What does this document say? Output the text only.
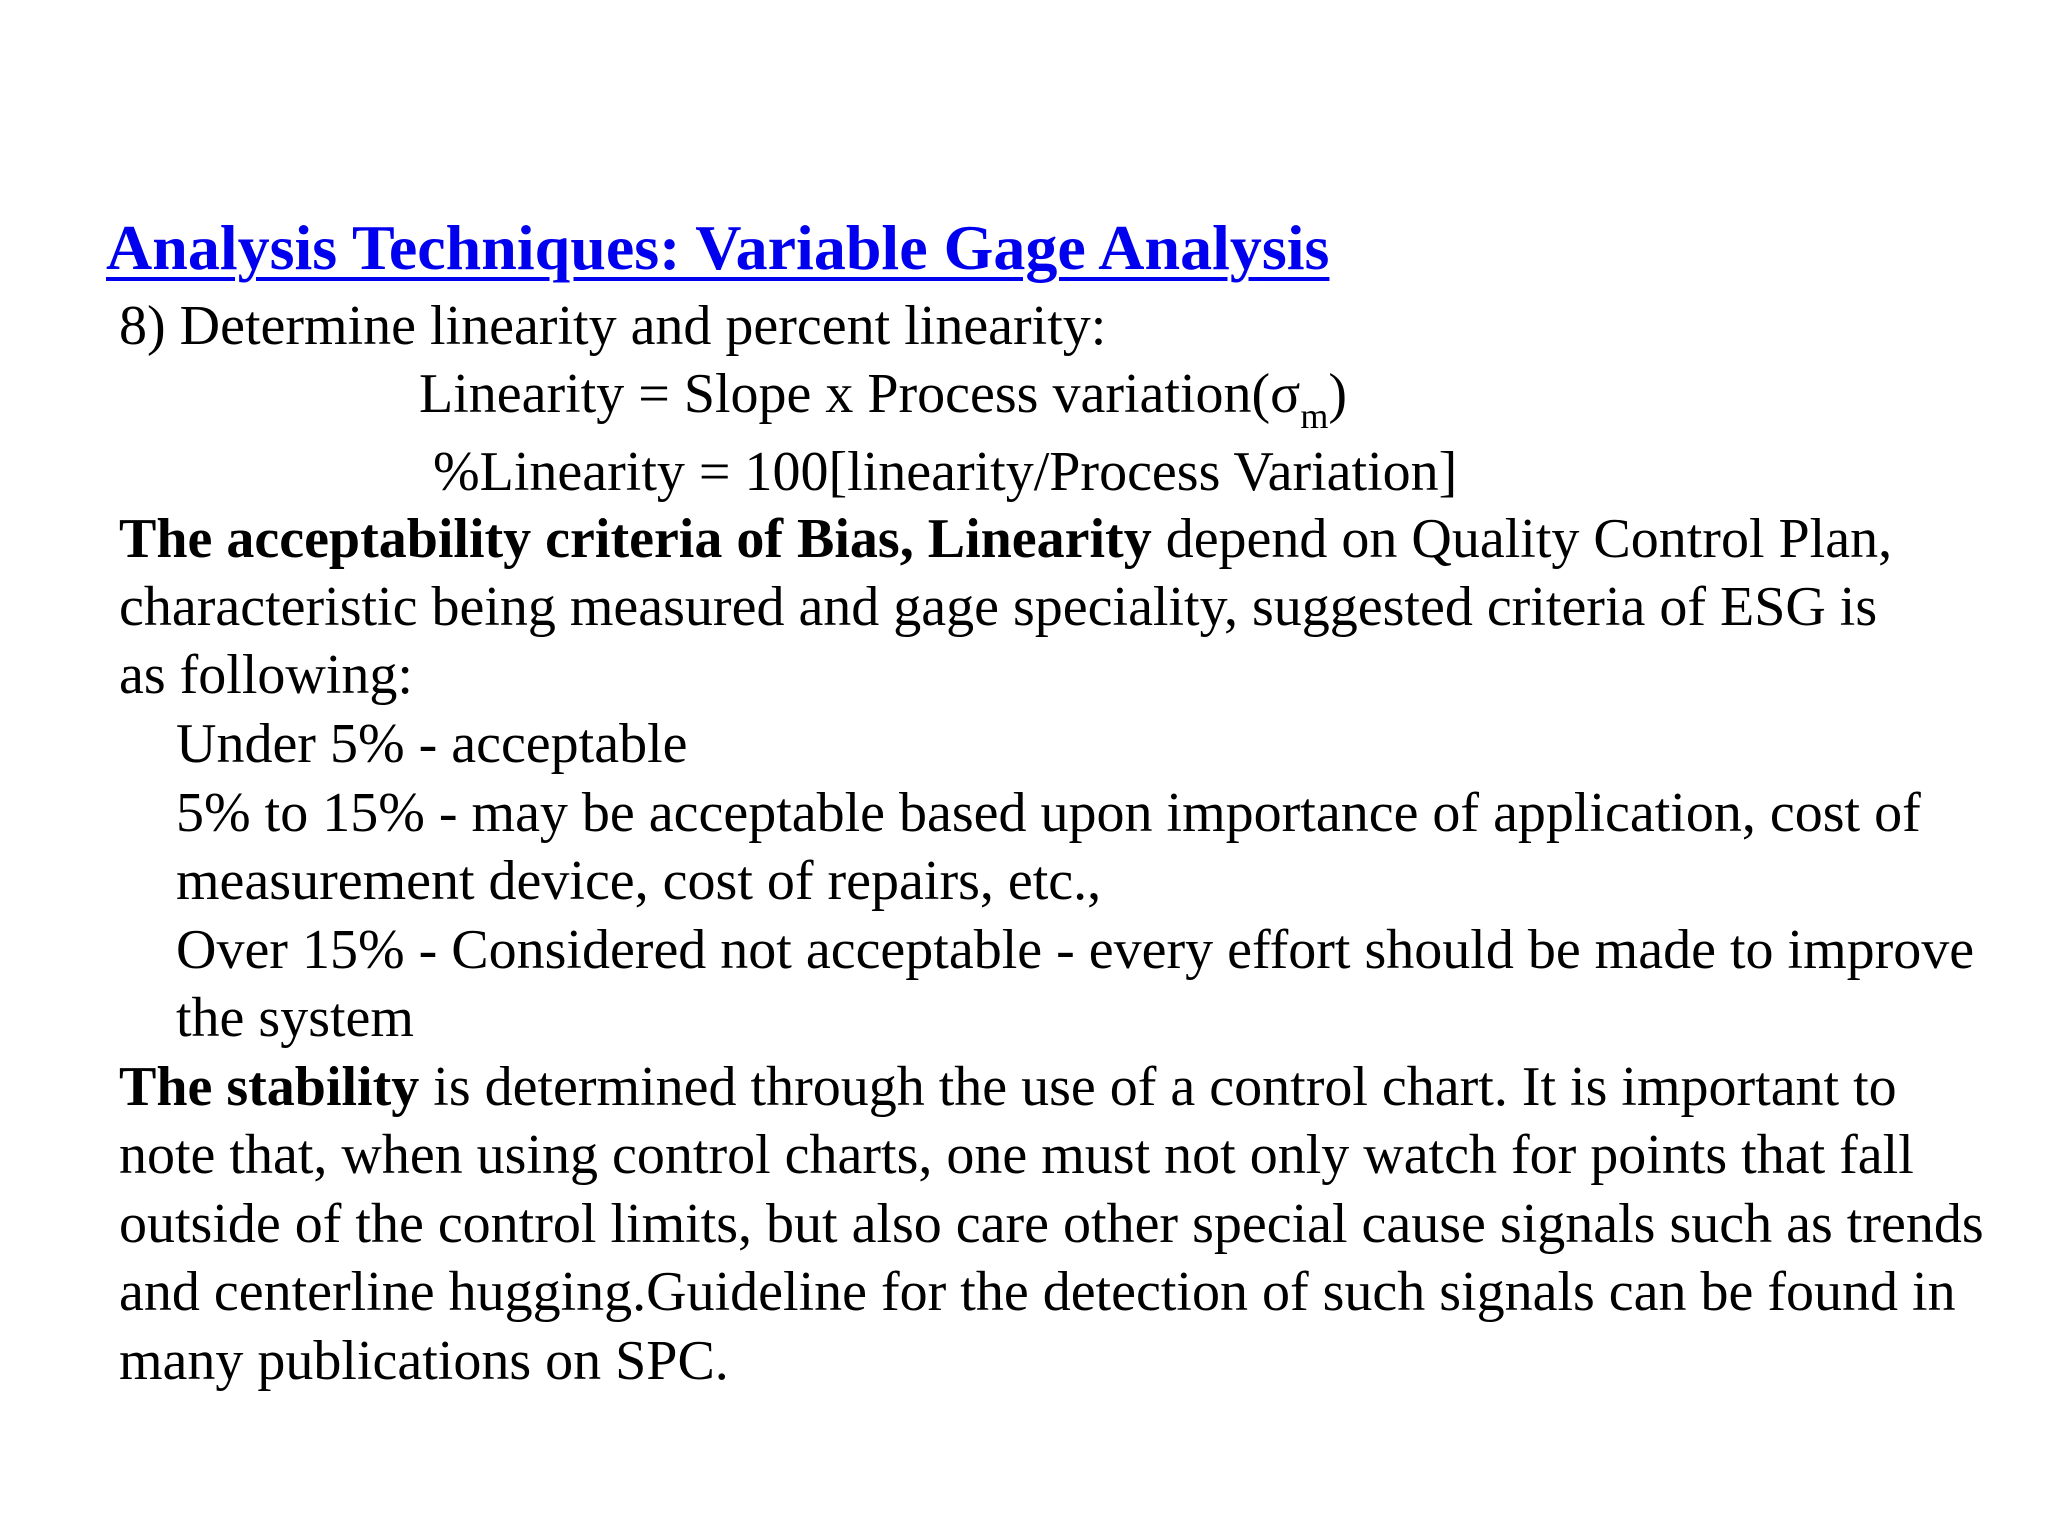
Analysis Techniques: Variable Gage Analysis
8) Determine linearity and percent linearity:
Linearity = Slope x Process $variation(\sigma_m)$
%Linearity = 100[linearity/Process Variation]
The acceptability criteria of Bias, Linearity depend on Quality Control Plan,
characteristic being measured and gage speciality, suggested criteria of ESG is
as following:
Under 5% - acceptable
5% to 15% - may be acceptable based upon importance of application, cost of
measurement device, cost of repairs, etc.,
Over 15% - Considered not acceptable - every effort should be made to improve
the system
The stability is determined through the use of a control chart. It is important to
note that, when using control charts, one must not only watch for points that fall
outside of the control limits, but also care other special cause signals such as trends
and centerline hugging.Guideline for the detection of such signals can be found in
many publications on SPC.
